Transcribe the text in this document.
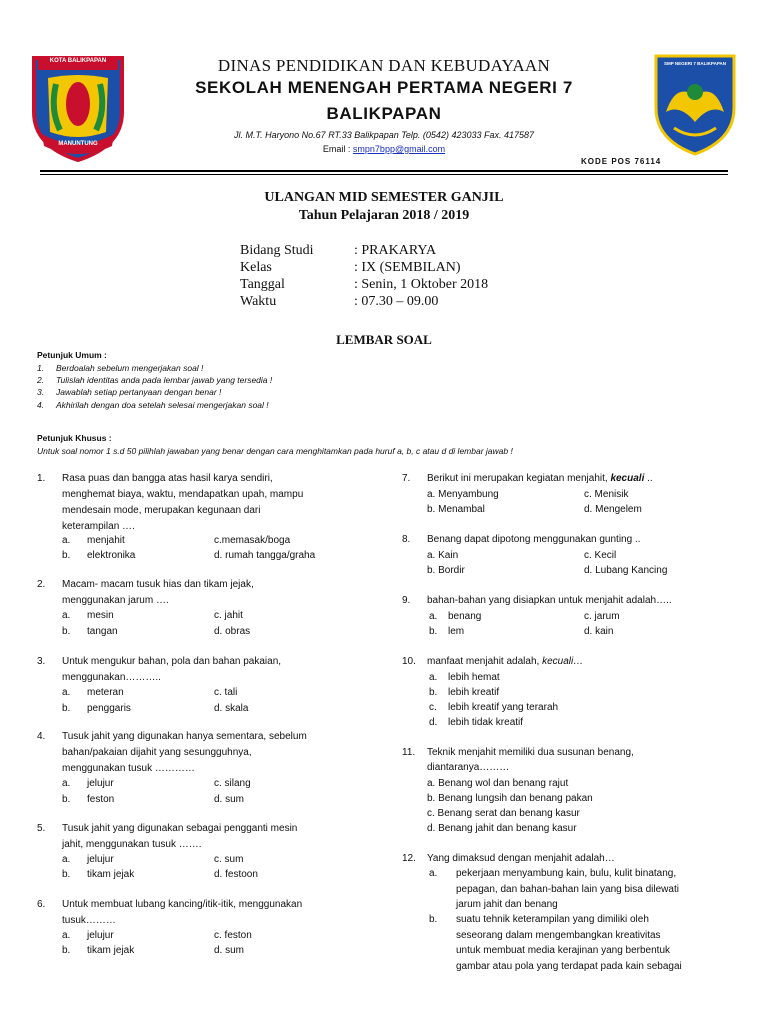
KOTA BALIKPAPAN
MANUNTUNG
SMP NEGERI 7 BALIKPAPAN
DINAS PENDIDIKAN DAN KEBUDAYAAN
SEKOLAH MENENGAH PERTAMA NEGERI 7
BALIKPAPAN
Jl. M.T. Haryono No.67 RT.33 Balikpapan Telp. (0542) 423033 Fax. 417587
Email : smpn7bpp@gmail.com
KODE POS 76114
ULANGAN MID SEMESTER GANJIL
Tahun Pelajaran 2018 / 2019
Bidang Studi	: PRAKARYA
Kelas	: IX (SEMBILAN)
Tanggal	: Senin, 1 Oktober 2018
Waktu	: 07.30 – 09.00
LEMBAR SOAL
Petunjuk Umum :
1. Berdoalah sebelum mengerjakan soal !
2. Tulislah identitas anda pada lembar jawab yang tersedia !
3. Jawablah setiap pertanyaan dengan benar !
4. Akhirilah dengan doa setelah selesai mengerjakan soal !
Petunjuk Khusus :
Untuk soal nomor 1 s.d 50 pilihlah jawaban yang benar dengan cara menghitamkan pada huruf a, b, c atau d di lembar jawab !
1. Rasa puas dan bangga atas hasil karya sendiri,
menghemat biaya, waktu, mendapatkan upah, mampu
mendesain mode, merupakan kegunaan dari
keterampilan ….
a. menjahit	c.memasak/boga
b. elektronika	d. rumah tangga/graha
2. Macam- macam tusuk hias dan tikam jejak,
menggunakan jarum ….
a. mesin	c. jahit
b. tangan	d. obras
3. Untuk mengukur bahan, pola dan bahan pakaian,
menggunakan………..
a. meteran	c. tali
b. penggaris	d. skala
4. Tusuk jahit yang digunakan hanya sementara, sebelum
bahan/pakaian dijahit yang sesungguhnya,
menggunakan tusuk …………
a. jelujur	c. silang
b. feston	d. sum
5. Tusuk jahit yang digunakan sebagai pengganti mesin
jahit, menggunakan tusuk …….
a. jelujur	c. sum
b. tikam jejak	d. festoon
6. Untuk membuat lubang kancing/itik-itik, menggunakan
tusuk………
a. jelujur	c. feston
b. tikam jejak	d. sum
7. Berikut ini merupakan kegiatan menjahit, kecuali ..
a. Menyambung	c. Menisik
b. Menambal	d. Mengelem
8. Benang dapat dipotong menggunakan gunting ..
a. Kain	c. Kecil
b. Bordir	d. Lubang Kancing
9. bahan-bahan yang disiapkan untuk menjahit adalah…..
a. benang	c. jarum
b. lem	d. kain
10. manfaat menjahit adalah, kecuali…
a. lebih hemat
b. lebih kreatif
c. lebih kreatif yang terarah
d. lebih tidak kreatif
11. Teknik menjahit memiliki dua susunan benang,
diantaranya………
a. Benang wol dan benang rajut
b. Benang lungsih dan benang pakan
c. Benang serat dan benang kasur
d. Benang jahit dan benang kasur
12. Yang dimaksud dengan menjahit adalah…
a. pekerjaan menyambung kain, bulu, kulit binatang,
pepagan, dan bahan-bahan lain yang bisa dilewati
jarum jahit dan benang
b. suatu tehnik keterampilan yang dimiliki oleh
seseorang dalam mengembangkan kreativitas
untuk membuat media kerajinan yang berbentuk
gambar atau pola yang terdapat pada kain sebagai
